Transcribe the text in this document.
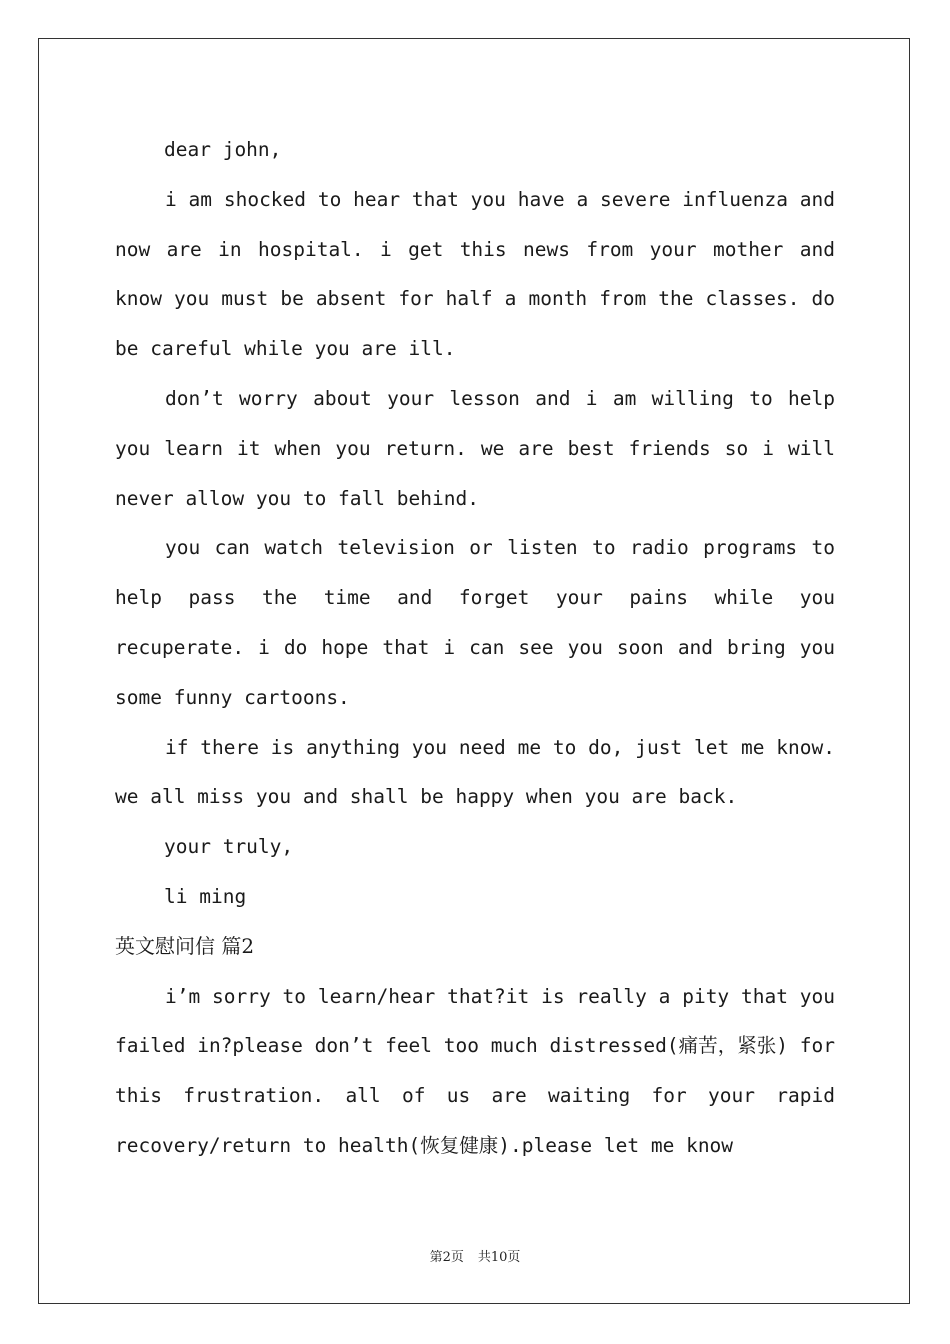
dear john,

i am shocked to hear that you have a severe influenza and now are in hospital. i get this news from your mother and know you must be absent for half a month from the classes. do be careful while you are ill.

don’t worry about your lesson and i am willing to help you learn it when you return. we are best friends so i will never allow you to fall behind.

you can watch television or listen to radio programs to help pass the time and forget your pains while you recuperate. i do hope that i can see you soon and bring you some funny cartoons.

if there is anything you need me to do, just let me know. we all miss you and shall be happy when you are back.

your truly,

li ming

英文慰问信 篇2

i’m sorry to learn/hear that?it is really a pity that you failed in?please don’t feel too much distressed(痛苦，紧张) for this frustration. all of us are waiting for your rapid recovery/return to health(恢复健康).please let me know

第2页 共10页
